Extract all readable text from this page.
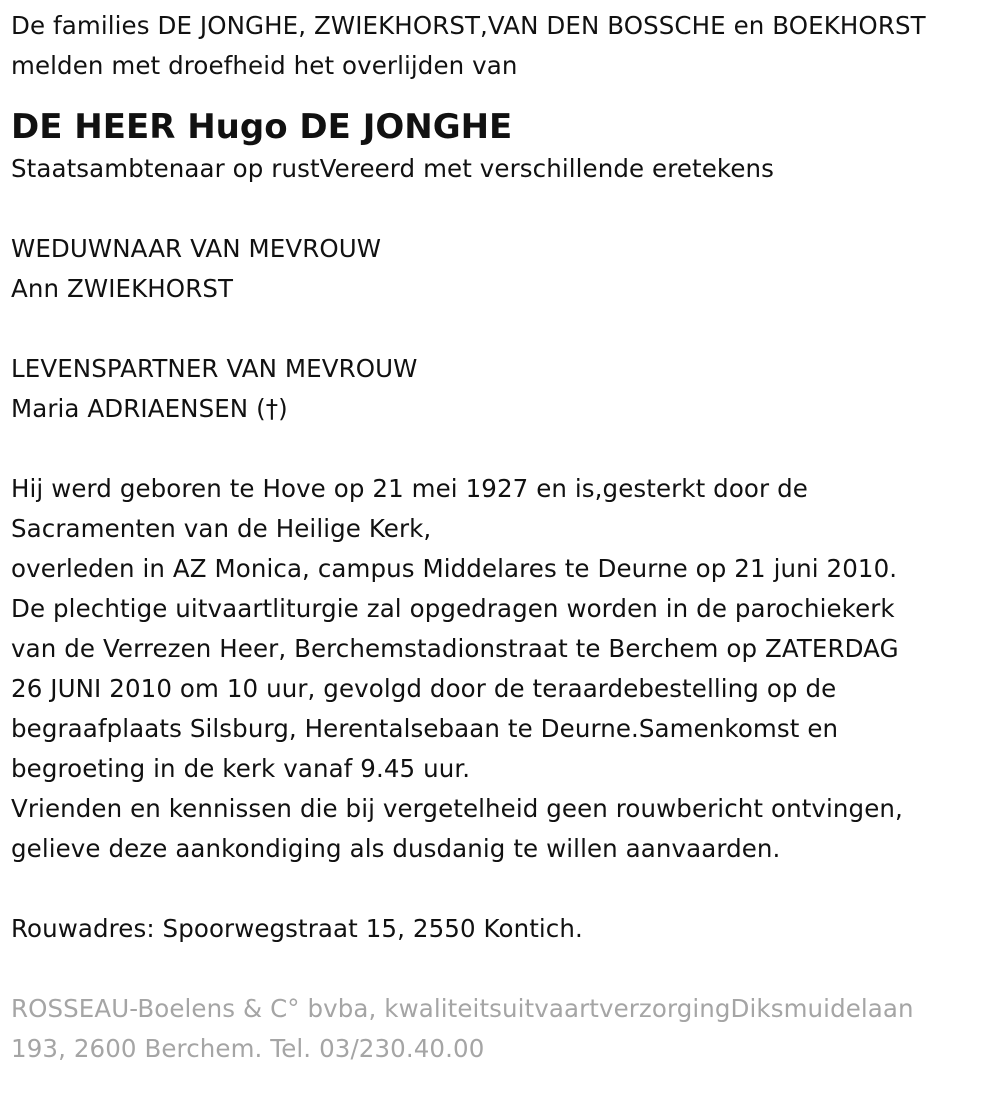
De families DE JONGHE, ZWIEKHORST,VAN DEN BOSSCHE en BOEKHORST
melden met droefheid het overlijden van
DE HEER Hugo DE JONGHE
Staatsambtenaar op rustVereerd met verschillende eretekens
WEDUWNAAR VAN MEVROUW
Ann ZWIEKHORST
LEVENSPARTNER VAN MEVROUW
Maria ADRIAENSEN (†)
Hij werd geboren te Hove op 21 mei 1927 en is,gesterkt door de
Sacramenten van de Heilige Kerk,
overleden in AZ Monica, campus Middelares te Deurne op 21 juni 2010.
De plechtige uitvaartliturgie zal opgedragen worden in de parochiekerk
van de Verrezen Heer, Berchemstadionstraat te Berchem op ZATERDAG
26 JUNI 2010 om 10 uur, gevolgd door de teraardebestelling op de
begraafplaats Silsburg, Herentalsebaan te Deurne.Samenkomst en
begroeting in de kerk vanaf 9.45 uur.
Vrienden en kennissen die bij vergetelheid geen rouwbericht ontvingen,
gelieve deze aankondiging als dusdanig te willen aanvaarden.
Rouwadres: Spoorwegstraat 15, 2550 Kontich.
ROSSEAU-Boelens & C° bvba, kwaliteitsuitvaartverzorgingDiksmuidelaan
193, 2600 Berchem. Tel. 03/230.40.00
